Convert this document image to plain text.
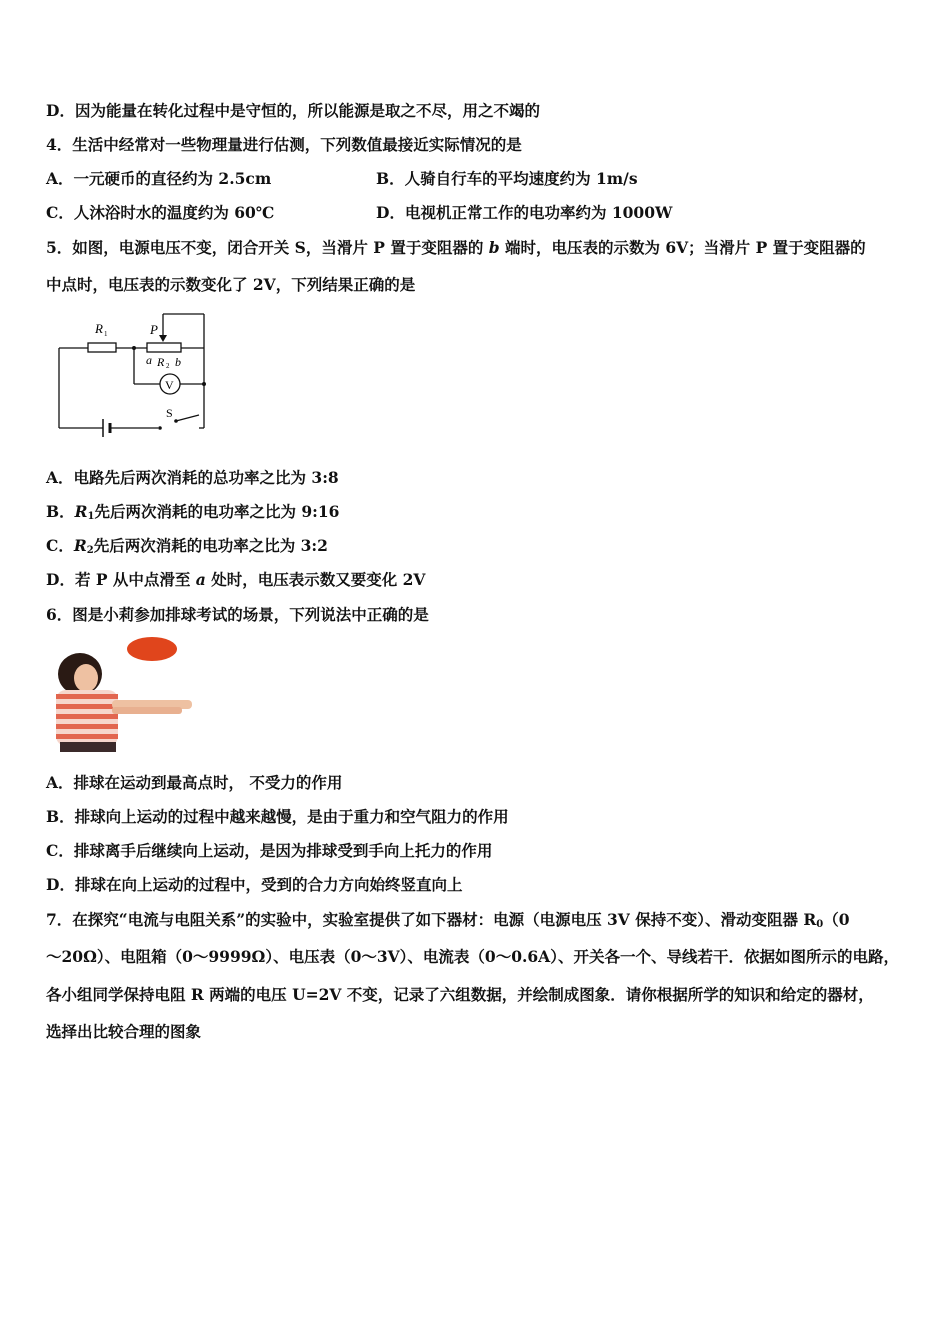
D．因为能量在转化过程中是守恒的，所以能源是取之不尽，用之不竭的
4．生活中经常对一些物理量进行估测，下列数值最接近实际情况的是
A．一元硬币的直径约为 2.5cm	B．人骑自行车的平均速度约为 1m/s
C．人沐浴时水的温度约为 60℃	D．电视机正常工作的电功率约为 1000W
5．如图，电源电压不变，闭合开关 S，当滑片 P 置于变阻器的 b 端时，电压表的示数为 6V；当滑片 P 置于变阻器的
中点时，电压表的示数变化了 2V，下列结果正确的是
R 1	P
a R 2 b
V
S
A．电路先后两次消耗的总功率之比为 3:8
B．$R_1$先后两次消耗的电功率之比为 9:16
C．$R_2$先后两次消耗的电功率之比为 3:2
D．若 P 从中点滑至 a 处时，电压表示数又要变化 2V
6．图是小莉参加排球考试的场景，下列说法中正确的是
A．排球在运动到最高点时， 不受力的作用
B．排球向上运动的过程中越来越慢，是由于重力和空气阻力的作用
C．排球离手后继续向上运动，是因为排球受到手向上托力的作用
D．排球在向上运动的过程中，受到的合力方向始终竖直向上
7．在探究“电流与电阻关系”的实验中，实验室提供了如下器材：电源（电源电压 3V 保持不变）、滑动变阻器 $R_0(0$
～20Ω）、电阻箱（0～9999Ω）、电压表（0～3V）、电流表（0～0.6A）、开关各一个、导线若干．依据如图所示的电路，
各小组同学保持电阻 R 两端的电压 U=2V 不变，记录了六组数据，并绘制成图象．请你根据所学的知识和给定的器材，
选择出比较合理的图象
